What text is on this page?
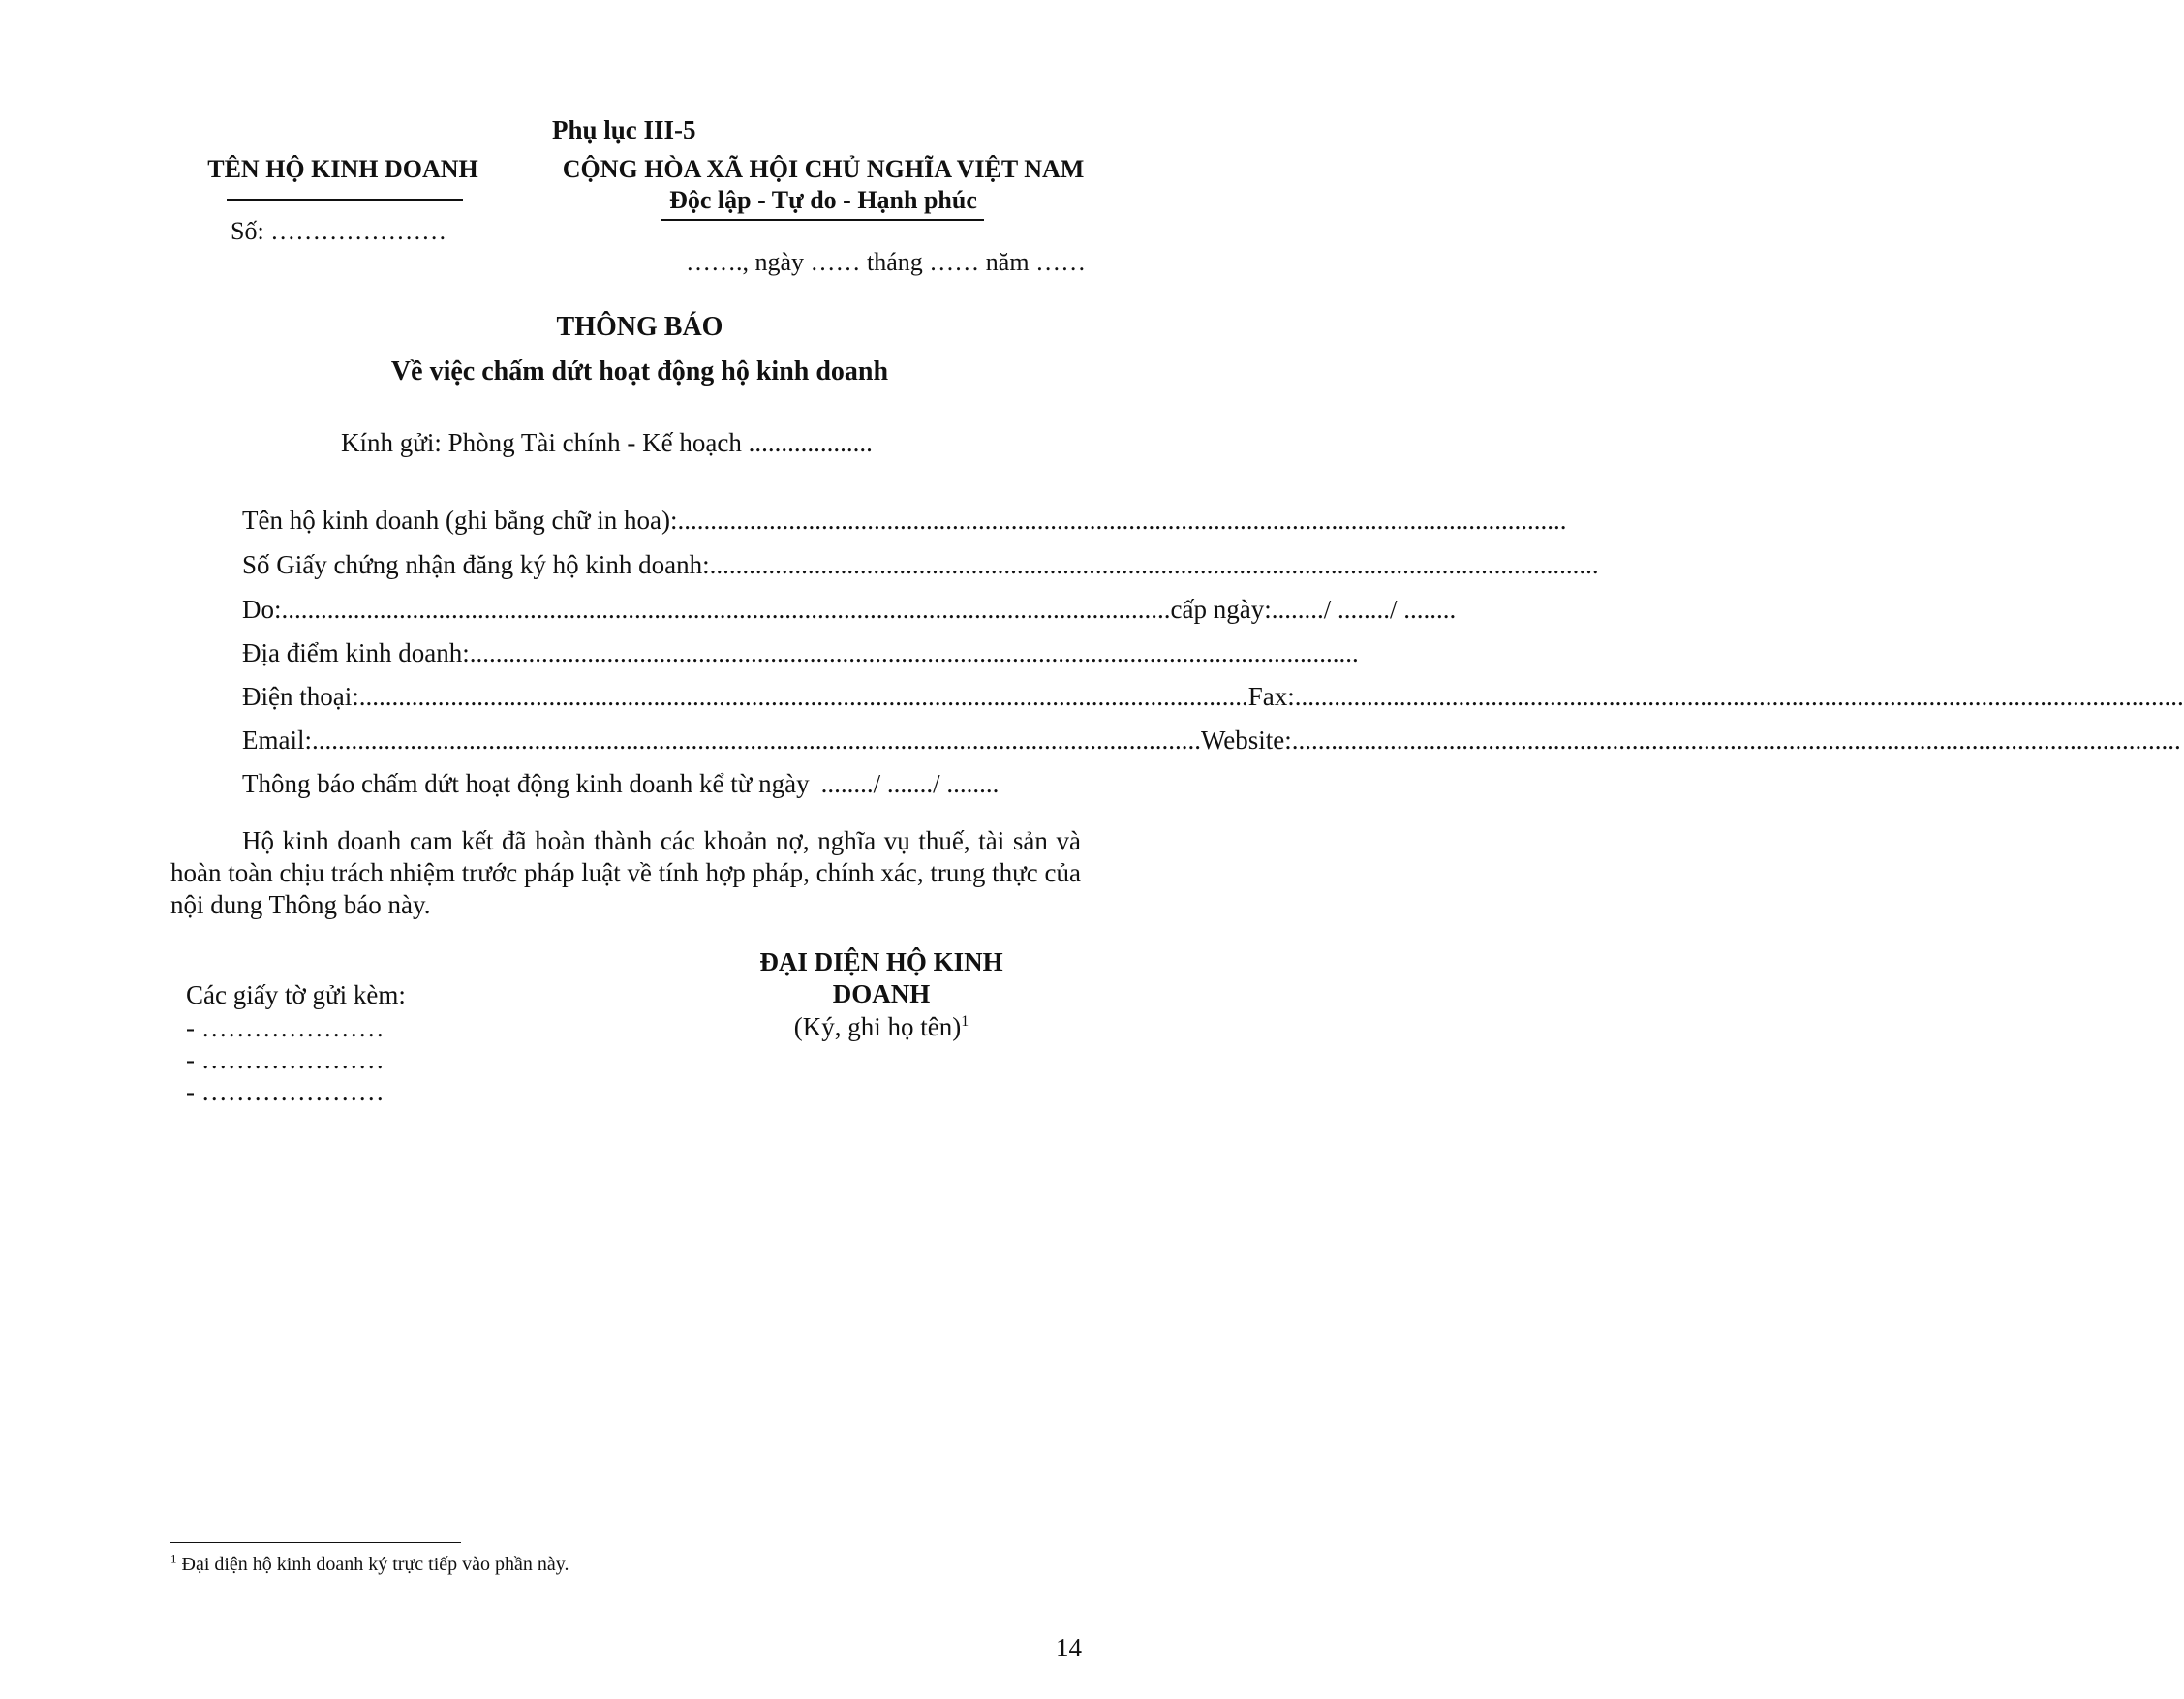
Phụ lục III-5
TÊN HỘ KINH DOANH
Số: …………………
CỘNG HÒA XÃ HỘI CHỦ NGHĨA VIỆT NAM
Độc lập - Tự do - Hạnh phúc
……., ngày …… tháng …… năm ……
THÔNG BÁO
Về việc chấm dứt hoạt động hộ kinh doanh
Kính gửi: Phòng Tài chính - Kế hoạch ...................
Tên hộ kinh doanh (ghi bằng chữ in hoa): ........................................................................................................................................
Số Giấy chứng nhận đăng ký hộ kinh doanh: ........................................................................................................................................
Do: ........................................................................................................................................ cấp ngày: ......../ ......../ ........
Địa điểm kinh doanh: ........................................................................................................................................
Điện thoại: ........................................................................................................................................ Fax: ........................................................................................................................................
Email: ........................................................................................................................................ Website: ........................................................................................................................................
Thông báo chấm dứt hoạt động kinh doanh kể từ ngày ......../ ......./ ........
Hộ kinh doanh cam kết đã hoàn thành các khoản nợ, nghĩa vụ thuế, tài sản và hoàn toàn chịu trách nhiệm trước pháp luật về tính hợp pháp, chính xác, trung thực của nội dung Thông báo này.
Các giấy tờ gửi kèm:
- …………………
- …………………
- …………………
ĐẠI DIỆN HỘ KINH
DOANH
(Ký, ghi họ tên)$^1$
$^1$ Đại diện hộ kinh doanh ký trực tiếp vào phần này.
14
